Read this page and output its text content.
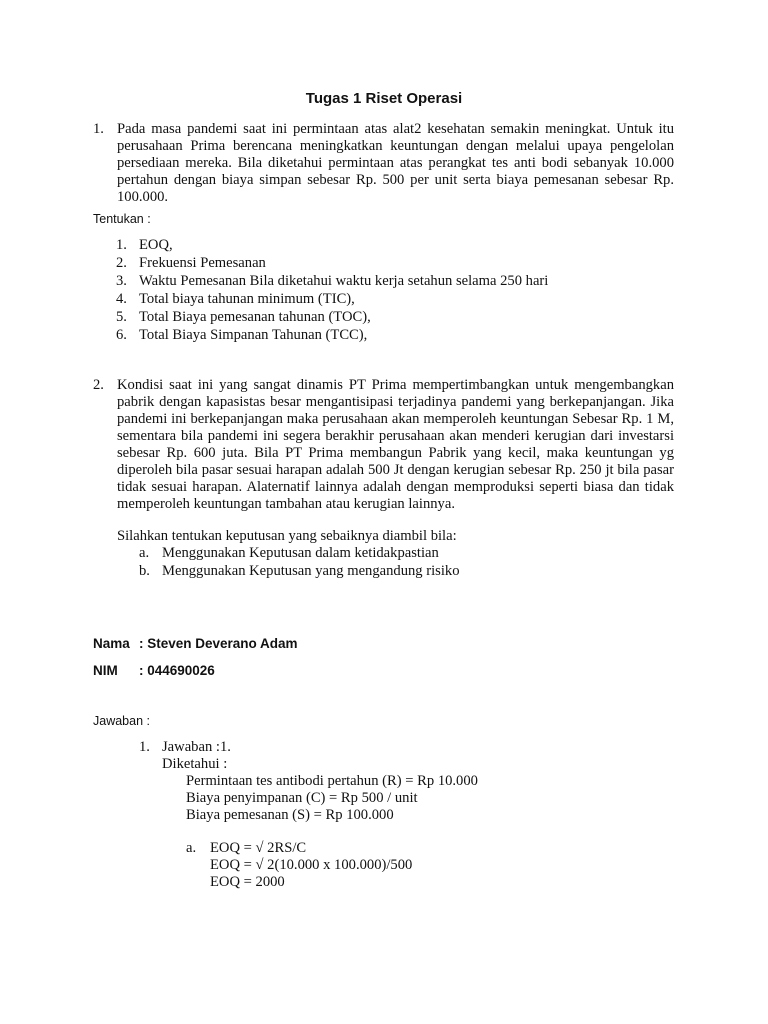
Tugas 1 Riset Operasi
1. Pada masa pandemi saat ini permintaan atas alat2 kesehatan semakin meningkat. Untuk itu perusahaan Prima berencana meningkatkan keuntungan dengan melalui upaya pengelolan persediaan mereka. Bila diketahui permintaan atas perangkat tes anti bodi sebanyak 10.000 pertahun dengan biaya simpan sebesar Rp. 500 per unit serta biaya pemesanan sebesar Rp. 100.000.
Tentukan :
1. EOQ,
2. Frekuensi Pemesanan
3. Waktu Pemesanan Bila diketahui waktu kerja setahun selama 250 hari
4. Total biaya tahunan minimum (TIC),
5. Total Biaya pemesanan tahunan (TOC),
6. Total Biaya Simpanan Tahunan (TCC),
2. Kondisi saat ini yang sangat dinamis PT Prima mempertimbangkan untuk mengembangkan pabrik dengan kapasistas besar mengantisipasi terjadinya pandemi yang berkepanjangan. Jika pandemi ini berkepanjangan maka perusahaan akan memperoleh keuntungan Sebesar Rp. 1 M, sementara bila pandemi ini segera berakhir perusahaan akan menderi kerugian dari investarsi sebesar Rp. 600 juta. Bila PT Prima membangun Pabrik yang kecil, maka keuntungan yg diperoleh bila pasar sesuai harapan adalah 500 Jt dengan kerugian sebesar Rp. 250 jt bila pasar tidak sesuai harapan. Alaternatif lainnya adalah dengan memproduksi seperti biasa dan tidak memperoleh keuntungan tambahan atau kerugian lainnya.
Silahkan tentukan keputusan yang sebaiknya diambil bila:
a. Menggunakan Keputusan dalam ketidakpastian
b. Menggunakan Keputusan yang mengandung risiko
Nama : Steven Deverano Adam
NIM : 044690026
Jawaban :
1. Jawaban :1.
Diketahui :
Permintaan tes antibodi pertahun (R) = Rp 10.000
Biaya penyimpanan (C) = Rp 500 / unit
Biaya pemesanan (S) = Rp 100.000
a. EOQ = √ 2RS/C
EOQ = √ 2(10.000 x 100.000)/500
EOQ = 2000
